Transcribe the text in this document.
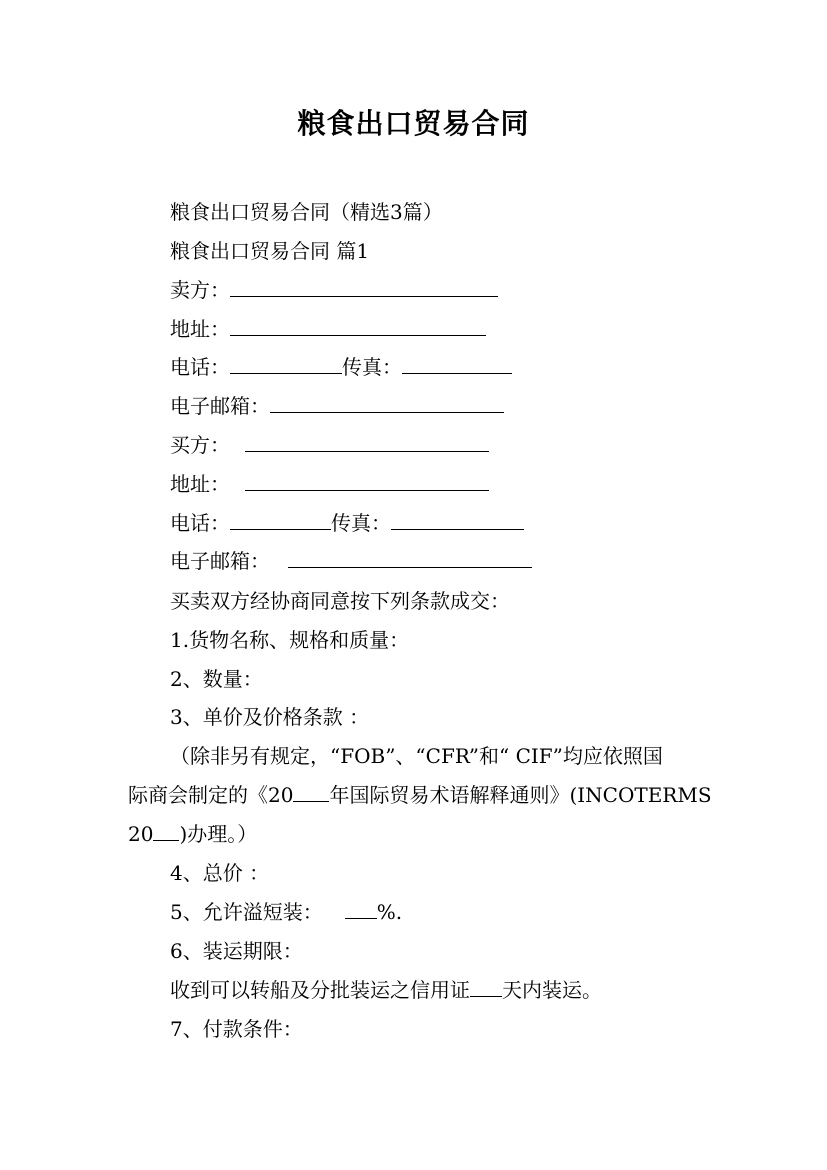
粮食出口贸易合同
粮食出口贸易合同（精选3篇）
粮食出口贸易合同 篇1
卖方：
地址：
电话：	传真：
电子邮箱：
买方：
地址：
电话：	传真：
电子邮箱：
买卖双方经协商同意按下列条款成交：
1.货物名称、规格和质量：
2、数量：
3、单价及价格条款 ：
（除非另有规定，“FOB”、“CFR”和“ CIF”均应依照国
际商会制定的《20 年国际贸易术语解释通则》(INCOTERMS
20 )办理。）
4、总价 ：
5、允许溢短装：	%.
6、装运期限：
收到可以转船及分批装运之信用证 天内装运。
7、付款条件：
